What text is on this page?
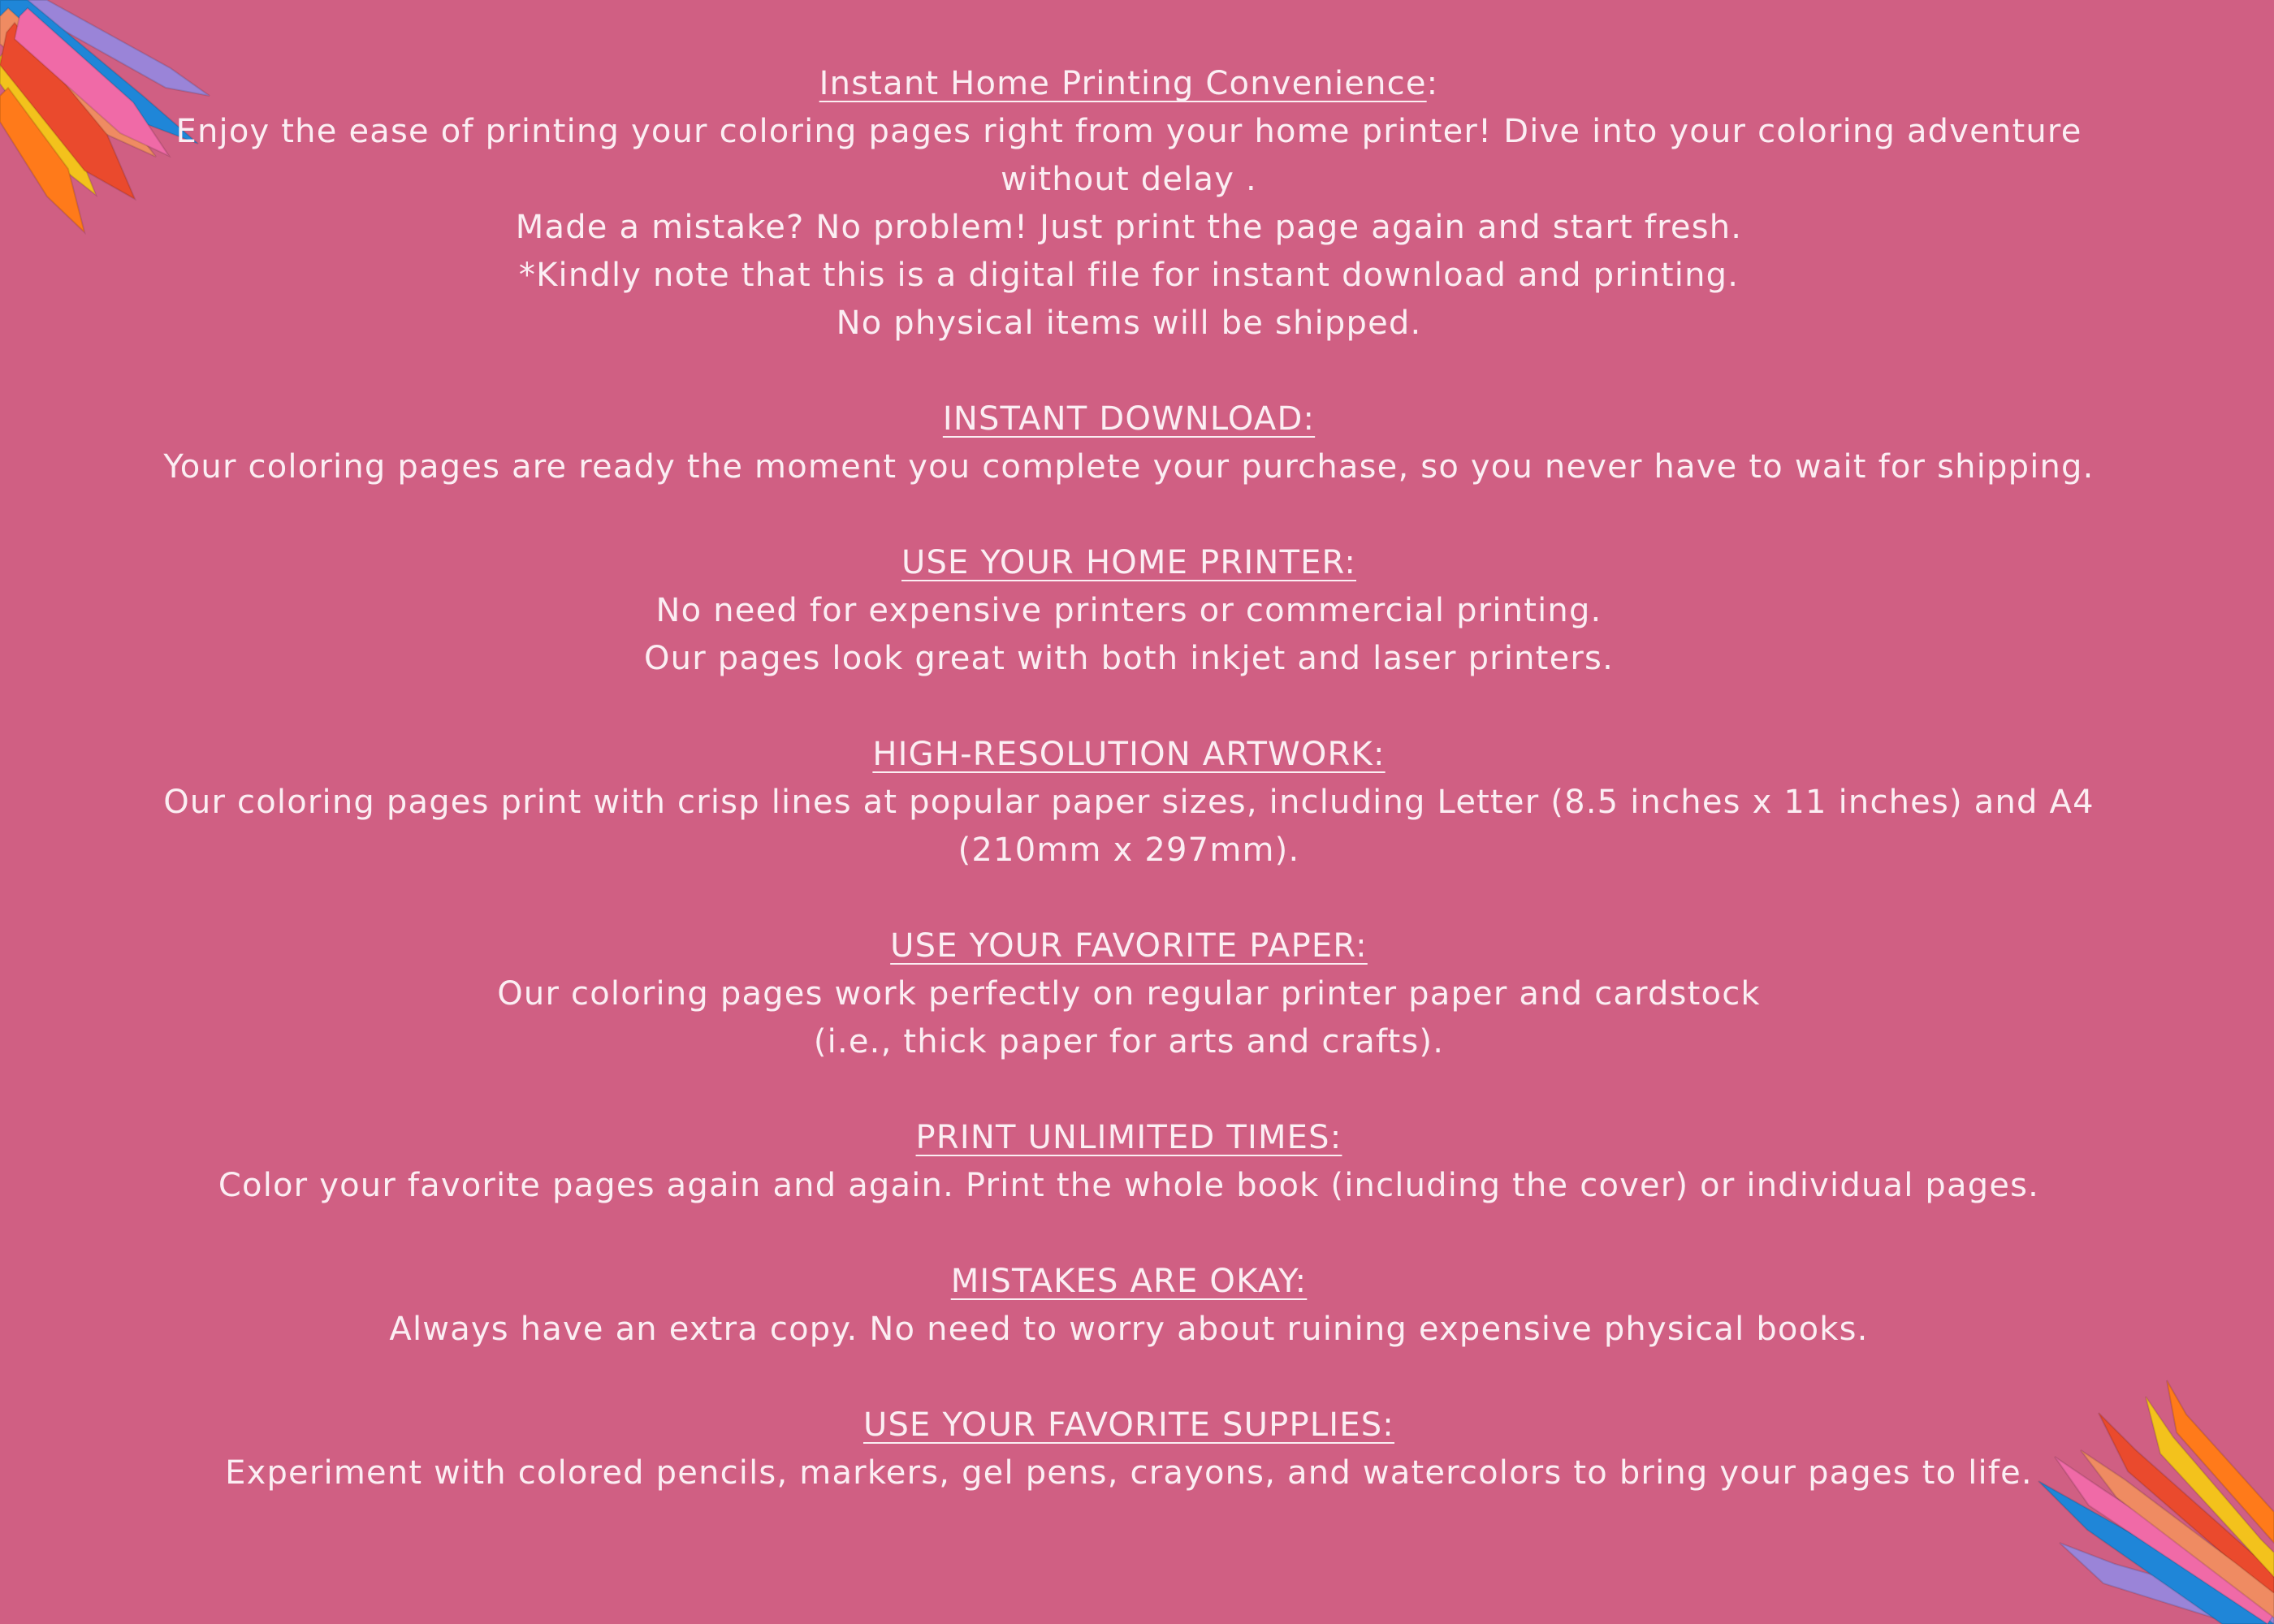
Instant Home Printing Convenience:
Enjoy the ease of printing your coloring pages right from your home printer! Dive into your coloring adventure
without delay .
Made a mistake? No problem! Just print the page again and start fresh.
*Kindly note that this is a digital file for instant download and printing.
No physical items will be shipped.
INSTANT DOWNLOAD:
Your coloring pages are ready the moment you complete your purchase, so you never have to wait for shipping.
USE YOUR HOME PRINTER:
No need for expensive printers or commercial printing.
Our pages look great with both inkjet and laser printers.
HIGH-RESOLUTION ARTWORK:
Our coloring pages print with crisp lines at popular paper sizes, including Letter (8.5 inches x 11 inches) and A4
(210mm x 297mm).
USE YOUR FAVORITE PAPER:
Our coloring pages work perfectly on regular printer paper and cardstock
(i.e., thick paper for arts and crafts).
PRINT UNLIMITED TIMES:
Color your favorite pages again and again. Print the whole book (including the cover) or individual pages.
MISTAKES ARE OKAY:
Always have an extra copy. No need to worry about ruining expensive physical books.
USE YOUR FAVORITE SUPPLIES:
Experiment with colored pencils, markers, gel pens, crayons, and watercolors to bring your pages to life.
